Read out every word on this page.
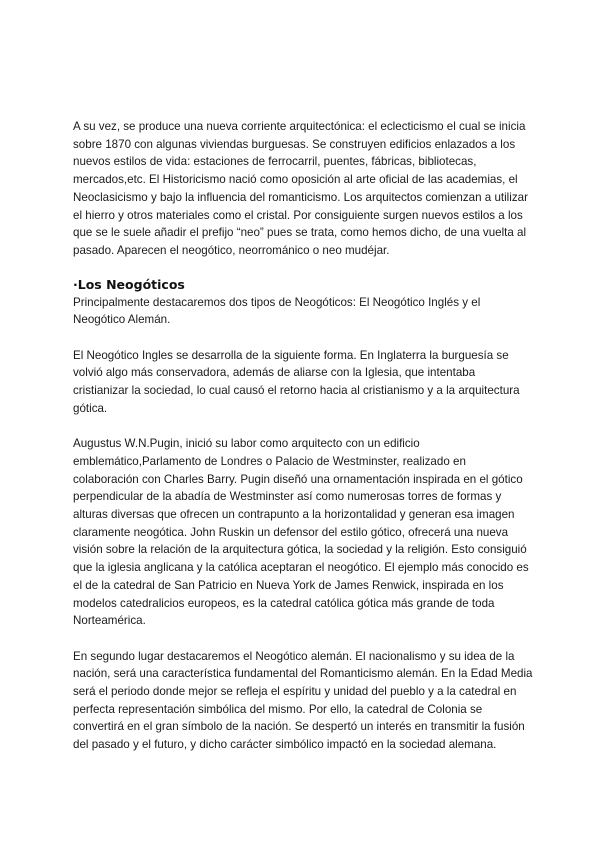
A su vez, se produce una nueva corriente arquitectónica: el eclecticismo el cual se inicia sobre 1870 con algunas viviendas burguesas. Se construyen edificios enlazados a los nuevos estilos de vida: estaciones de ferrocarril, puentes, fábricas, bibliotecas, mercados,etc. El Historicismo nació como oposición al arte oficial de las academias, el Neoclasicismo y bajo la influencia del romanticismo. Los arquitectos comienzan a utilizar el hierro y otros materiales como el cristal. Por consiguiente surgen nuevos estilos a los que se le suele añadir el prefijo “neo” pues se trata, como hemos dicho, de una vuelta al pasado. Aparecen el neogótico, neorrománico o neo mudéjar.

·Los Neogóticos

Principalmente destacaremos dos tipos de Neogóticos: El Neogótico Inglés y el Neogótico Alemán.

El Neogótico Ingles se desarrolla de la siguiente forma. En Inglaterra la burguesía se volvió algo más conservadora, además de aliarse con la Iglesia, que intentaba cristianizar la sociedad, lo cual causó el retorno hacia al cristianismo y a la arquitectura gótica.

Augustus W.N.Pugin, inició su labor como arquitecto con un edificio emblemático,Parlamento de Londres o Palacio de Westminster, realizado en colaboración con Charles Barry. Pugin diseñó una ornamentación inspirada en el gótico perpendicular de la abadía de Westminster así como numerosas torres de formas y alturas diversas que ofrecen un contrapunto a la horizontalidad y generan esa imagen claramente neogótica. John Ruskin un defensor del estilo gótico, ofrecerá una nueva visión sobre la relación de la arquitectura gótica, la sociedad y la religión. Esto consiguió que la iglesia anglicana y la católica aceptaran el neogótico. El ejemplo más conocido es el de la catedral de San Patricio en Nueva York de James Renwick, inspirada en los modelos catedralicios europeos, es la catedral católica gótica más grande de toda Norteamérica.

En segundo lugar destacaremos el Neogótico alemán. El nacionalismo y su idea de la nación, será una característica fundamental del Romanticismo alemán. En la Edad Media será el periodo donde mejor se refleja el espíritu y unidad del pueblo y a la catedral en perfecta representación simbólica del mismo. Por ello, la catedral de Colonia se convertirá en el gran símbolo de la nación. Se despertó un interés en transmitir la fusión del pasado y el futuro, y dicho carácter simbólico impactó en la sociedad alemana.
